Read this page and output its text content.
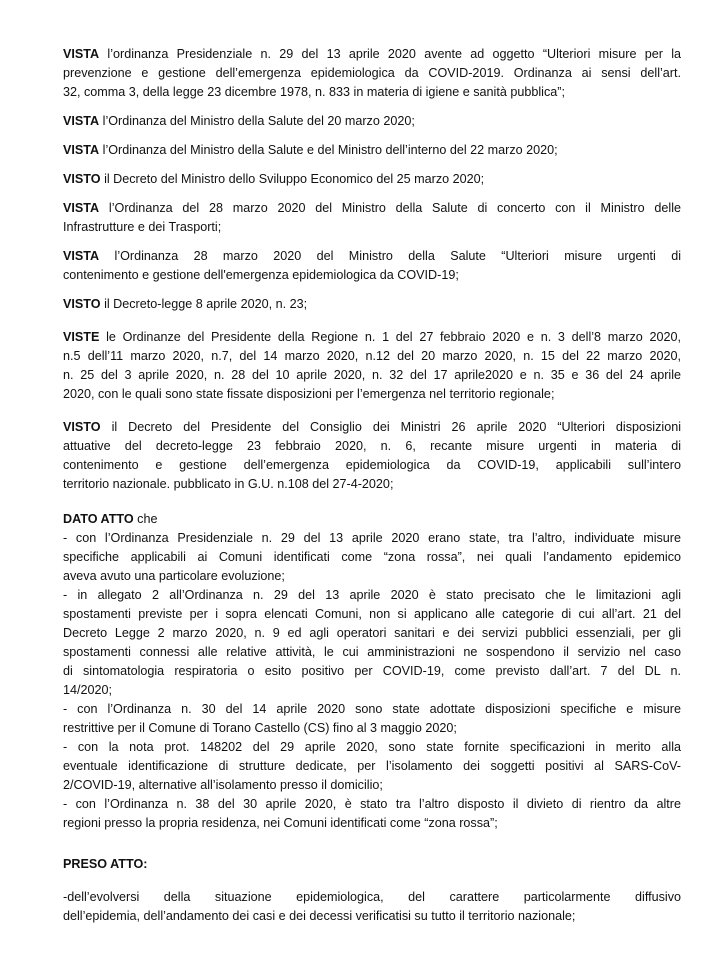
VISTA l’ordinanza Presidenziale n. 29 del 13 aprile 2020 avente ad oggetto “Ulteriori misure per la
prevenzione e gestione dell’emergenza epidemiologica da COVID-2019. Ordinanza ai sensi dell’art.
32, comma 3, della legge 23 dicembre 1978, n. 833 in materia di igiene e sanità pubblica”;
VISTA l’Ordinanza del Ministro della Salute del 20 marzo 2020;
VISTA l’Ordinanza del Ministro della Salute e del Ministro dell’interno del 22 marzo 2020;
VISTO il Decreto del Ministro dello Sviluppo Economico del 25 marzo 2020;
VISTA l’Ordinanza del 28 marzo 2020 del Ministro della Salute di concerto con il Ministro delle
Infrastrutture e dei Trasporti;
VISTA l’Ordinanza 28 marzo 2020 del Ministro della Salute “Ulteriori misure urgenti di
contenimento e gestione dell'emergenza epidemiologica da COVID-19;
VISTO il Decreto-legge 8 aprile 2020, n. 23;
VISTE le Ordinanze del Presidente della Regione n. 1 del 27 febbraio 2020 e n. 3 dell’8 marzo 2020,
n.5 dell’11 marzo 2020, n.7, del 14 marzo 2020, n.12 del 20 marzo 2020, n. 15 del 22 marzo 2020,
n. 25 del 3 aprile 2020, n. 28 del 10 aprile 2020, n. 32 del 17 aprile2020 e n. 35 e 36 del 24 aprile
2020, con le quali sono state fissate disposizioni per l’emergenza nel territorio regionale;
VISTO il Decreto del Presidente del Consiglio dei Ministri 26 aprile 2020 “Ulteriori disposizioni
attuative del decreto-legge 23 febbraio 2020, n. 6, recante misure urgenti in materia di
contenimento e gestione dell’emergenza epidemiologica da COVID-19, applicabili sull’intero
territorio nazionale. pubblicato in G.U. n.108 del 27-4-2020;
DATO ATTO che
- con l’Ordinanza Presidenziale n. 29 del 13 aprile 2020 erano state, tra l’altro, individuate misure
specifiche applicabili ai Comuni identificati come “zona rossa”, nei quali l’andamento epidemico
aveva avuto una particolare evoluzione;
- in allegato 2 all’Ordinanza n. 29 del 13 aprile 2020 è stato precisato che le limitazioni agli
spostamenti previste per i sopra elencati Comuni, non si applicano alle categorie di cui all’art. 21 del
Decreto Legge 2 marzo 2020, n. 9 ed agli operatori sanitari e dei servizi pubblici essenziali, per gli
spostamenti connessi alle relative attività, le cui amministrazioni ne sospendono il servizio nel caso
di sintomatologia respiratoria o esito positivo per COVID-19, come previsto dall’art. 7 del DL n.
14/2020;
- con l’Ordinanza n. 30 del 14 aprile 2020 sono state adottate disposizioni specifiche e misure
restrittive per il Comune di Torano Castello (CS) fino al 3 maggio 2020;
- con la nota prot. 148202 del 29 aprile 2020, sono state fornite specificazioni in merito alla
eventuale identificazione di strutture dedicate, per l’isolamento dei soggetti positivi al SARS-CoV-
2/COVID-19, alternative all’isolamento presso il domicilio;
- con l’Ordinanza n. 38 del 30 aprile 2020, è stato tra l’altro disposto il divieto di rientro da altre
regioni presso la propria residenza, nei Comuni identificati come “zona rossa”;
PRESO ATTO:
-dell’evolversi della situazione epidemiologica, del carattere particolarmente diffusivo
dell’epidemia, dell’andamento dei casi e dei decessi verificatisi su tutto il territorio nazionale;
